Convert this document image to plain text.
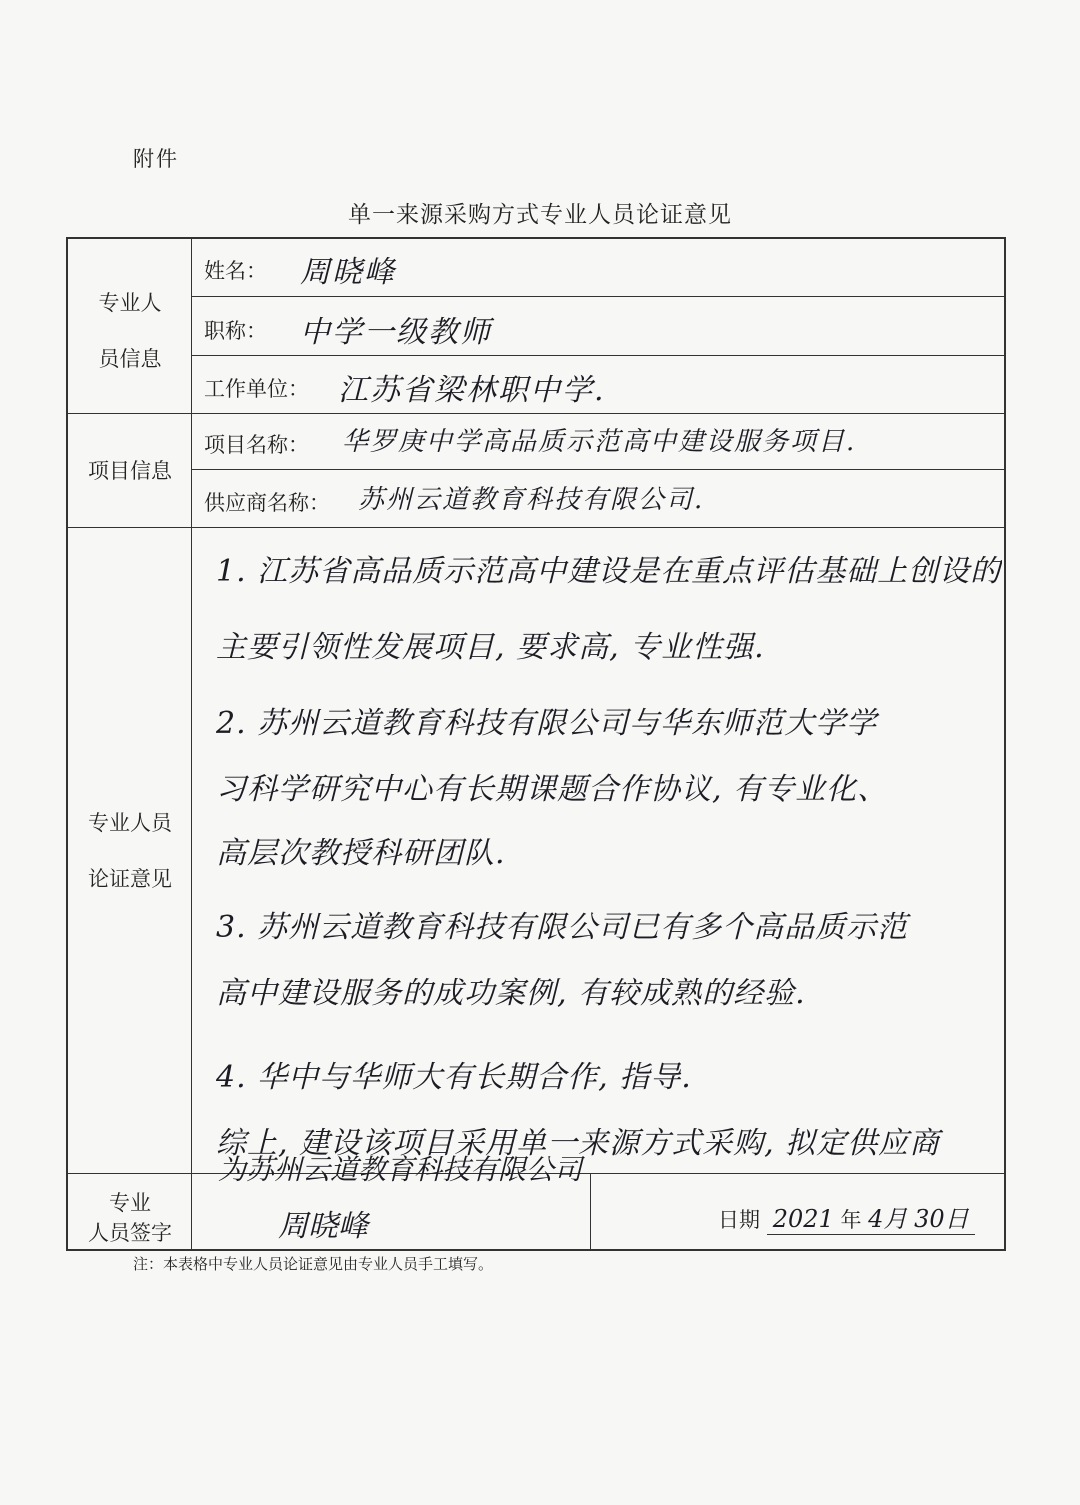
附件
单一来源采购方式专业人员论证意见
专业人
员信息
姓名： 周晓峰
职称： 中学一级教师
工作单位： 江苏省梁林职中学.
项目信息
项目名称： 华罗庚中学高品质示范高中建设服务项目.
供应商名称： 苏州云道教育科技有限公司.
专业人员
论证意见
1. 江苏省高品质示范高中建设是在重点评估基础上创设的
主要引领性发展项目, 要求高, 专业性强.
2. 苏州云道教育科技有限公司与华东师范大学学
习科学研究中心有长期课题合作协议, 有专业化、
高层次教授科研团队.
3. 苏州云道教育科技有限公司已有多个高品质示范
高中建设服务的成功案例, 有较成熟的经验.
4. 华中与华师大有长期合作, 指导.
综上, 建设该项目采用单一来源方式采购, 拟定供应商
专业
人员签字	周晓峰	日期 2021 年 4月 30日
为苏州云道教育科技有限公司
注：本表格中专业人员论证意见由专业人员手工填写。
